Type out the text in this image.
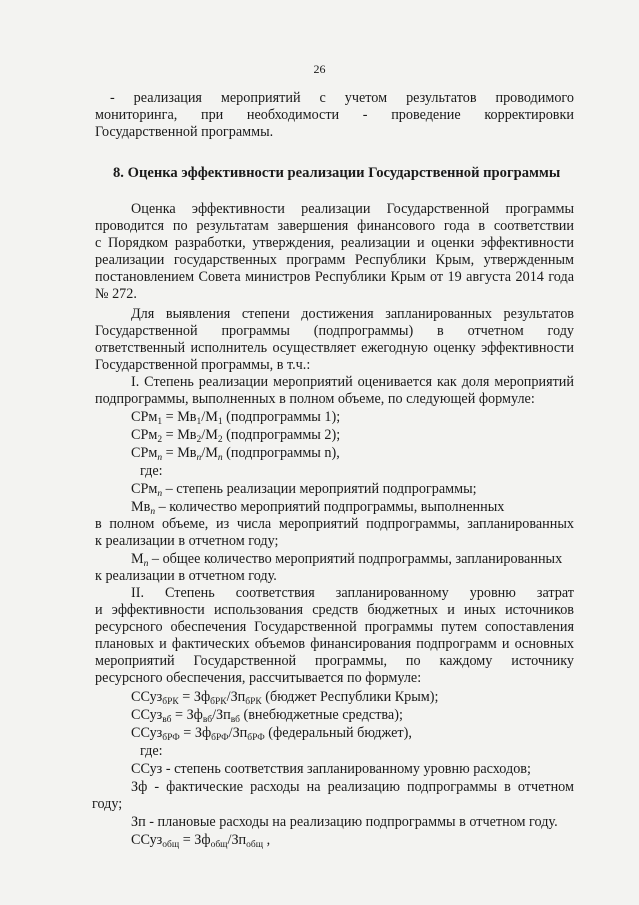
26
- реализация мероприятий с учетом результатов проводимого
мониторинга, при необходимости - проведение корректировки
Государственной программы.
8. Оценка эффективности реализации Государственной программы
Оценка эффективности реализации Государственной программы
проводится по результатам завершения финансового года в соответствии
с Порядком разработки, утверждения, реализации и оценки эффективности
реализации государственных программ Республики Крым, утвержденным
постановлением Совета министров Республики Крым от 19 августа 2014 года
№ 272.
Для выявления степени достижения запланированных результатов
Государственной программы (подпрограммы) в отчетном году
ответственный исполнитель осуществляет ежегодную оценку эффективности
Государственной программы, в т.ч.:
I. Степень реализации мероприятий оценивается как доля мероприятий
подпрограммы, выполненных в полном объеме, по следующей формуле:
$СРм_1 = Мв_1/М_1$ (подпрограммы 1);
$СРм_2 = Мв_2/М_2$ (подпрограммы 2);
$СРм_n = Мв_n/М_n$ (подпрограммы n),
где:
СРм$_n$ – степень реализации мероприятий подпрограммы;
$Мв_n$ – количество мероприятий подпрограммы, выполненных
в полном объеме, из числа мероприятий подпрограммы, запланированных
к реализации в отчетном году;
$М_n$ – общее количество мероприятий подпрограммы, запланированных
к реализации в отчетном году.
II. Степень соответствия запланированному уровню затрат
и эффективности использования средств бюджетных и иных источников
ресурсного обеспечения Государственной программы путем сопоставления
плановых и фактических объемов финансирования подпрограмм и основных
мероприятий Государственной программы, по каждому источнику
ресурсного обеспечения, рассчитывается по формуле:
ССуз$_{бРК}$ = $Зф_{бРК}/Зп_{бРК}$ (бюджет Республики Крым);
ССуз$_{вб}$ = $Зф_{вб}/Зп_{вб}$ (внебюджетные средства);
ССуз$_{бРФ}$ = $Зф_{бРФ}/Зп_{бРФ}$ (федеральный бюджет),
где:
ССуз - степень соответствия запланированному уровню расходов;
Зф - фактические расходы на реализацию подпрограммы в отчетном
году;
Зп - плановые расходы на реализацию подпрограммы в отчетном году.
ССуз$_{общ}$ = $Зф_{общ}/Зп_{общ}$ ,
